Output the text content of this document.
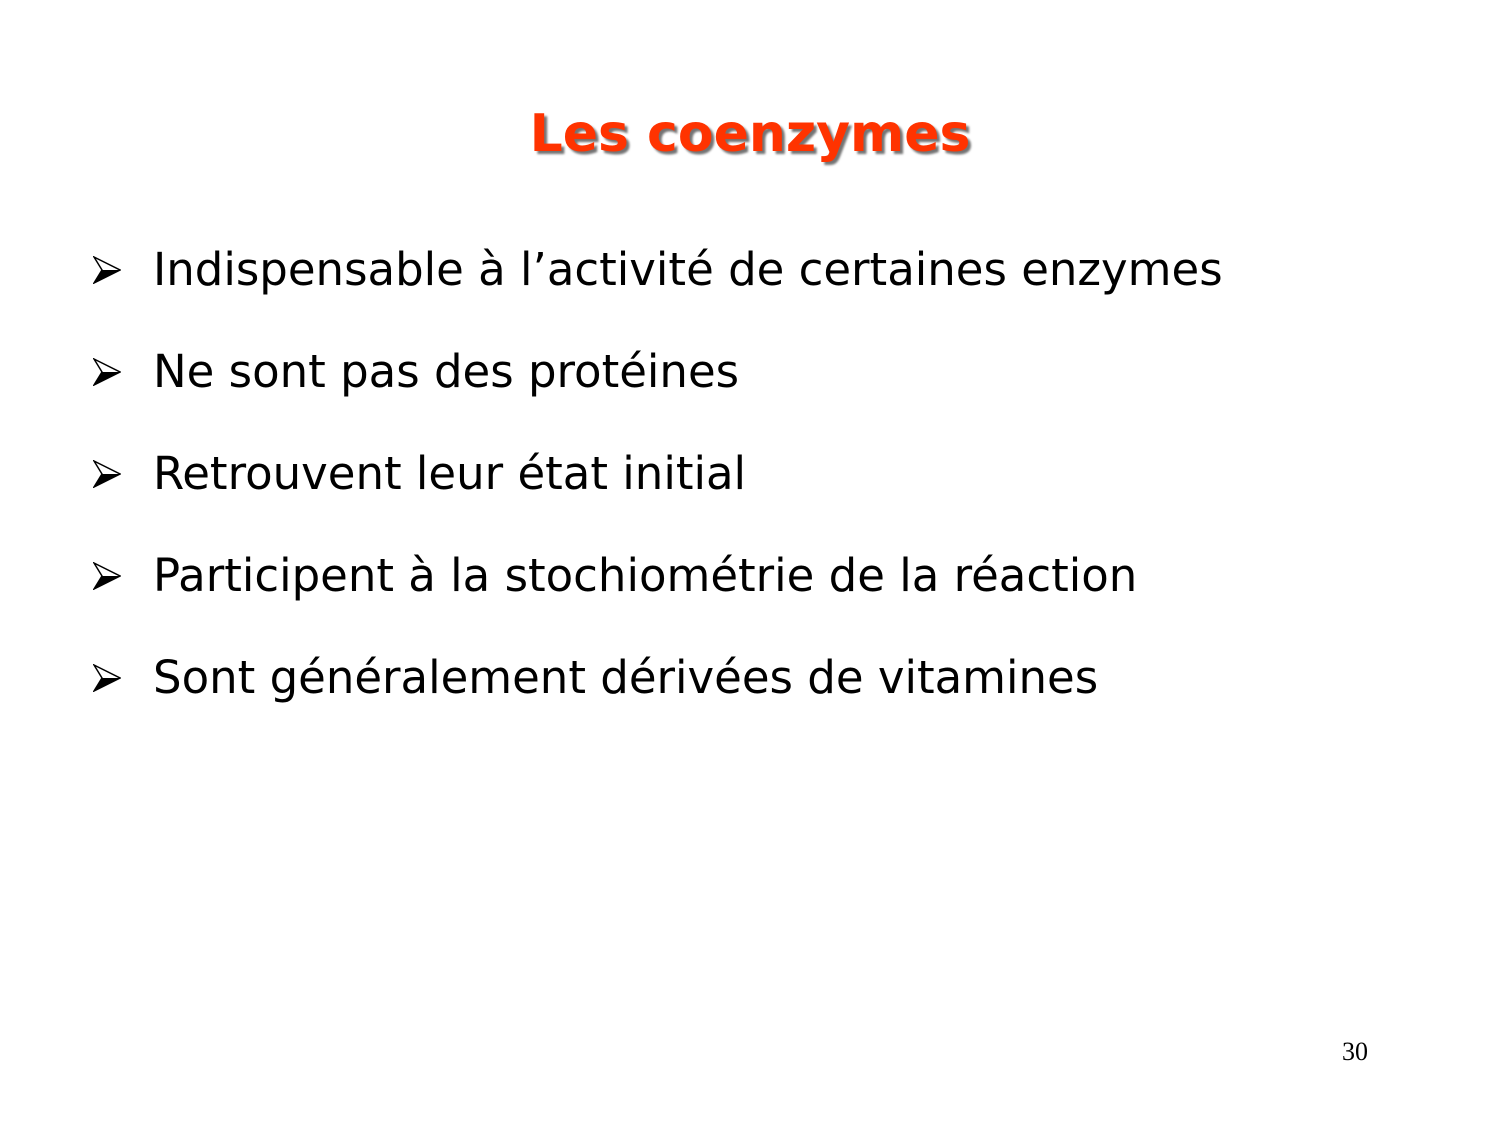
Les coenzymes
Indispensable à l’activité de certaines enzymes
Ne sont pas des protéines
Retrouvent leur état initial
Participent à la stochiométrie de la réaction
Sont généralement dérivées de vitamines
30
